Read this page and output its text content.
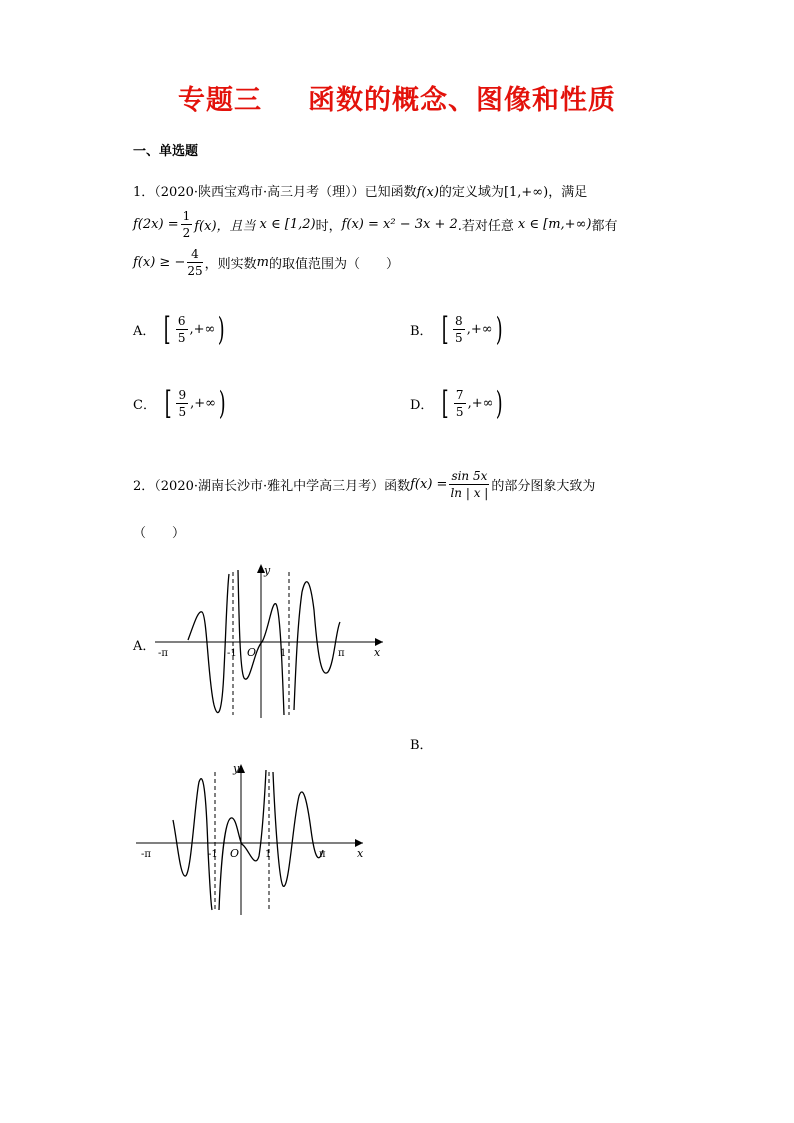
专题三 函数的概念、图像和性质
一、单选题
1．（2020·陕西宝鸡市·高三月考（理））已知函数f(x)的定义域为[1,+∞)，满足
$f(2x) = \frac{1}{2} f(x)$，且当 x ∈ [1,2) 时， f(x) = x² − 3x + 2 .若对任意 x ∈ [m,+∞) 都有
f(x) ≥ − $\frac{4}{25}$ ，则实数 m 的取值范围为（　　）
A． [ $\frac{6}{5}$ ,+∞ )	B． [ $\frac{8}{5}$ ,+∞ )
C． [ $\frac{9}{5}$ ,+∞ )	D． [ $\frac{7}{5}$ ,+∞ )
2．（2020·湖南长沙市·雅礼中学高三月考）函数 $f(x) = \frac{\sin 5x}{\ln | x |}$ 的部分图象大致为
（　　）
A．
y
x
-π	-1 O 1	π
B．
y
x
-π	-1 O	1	π
